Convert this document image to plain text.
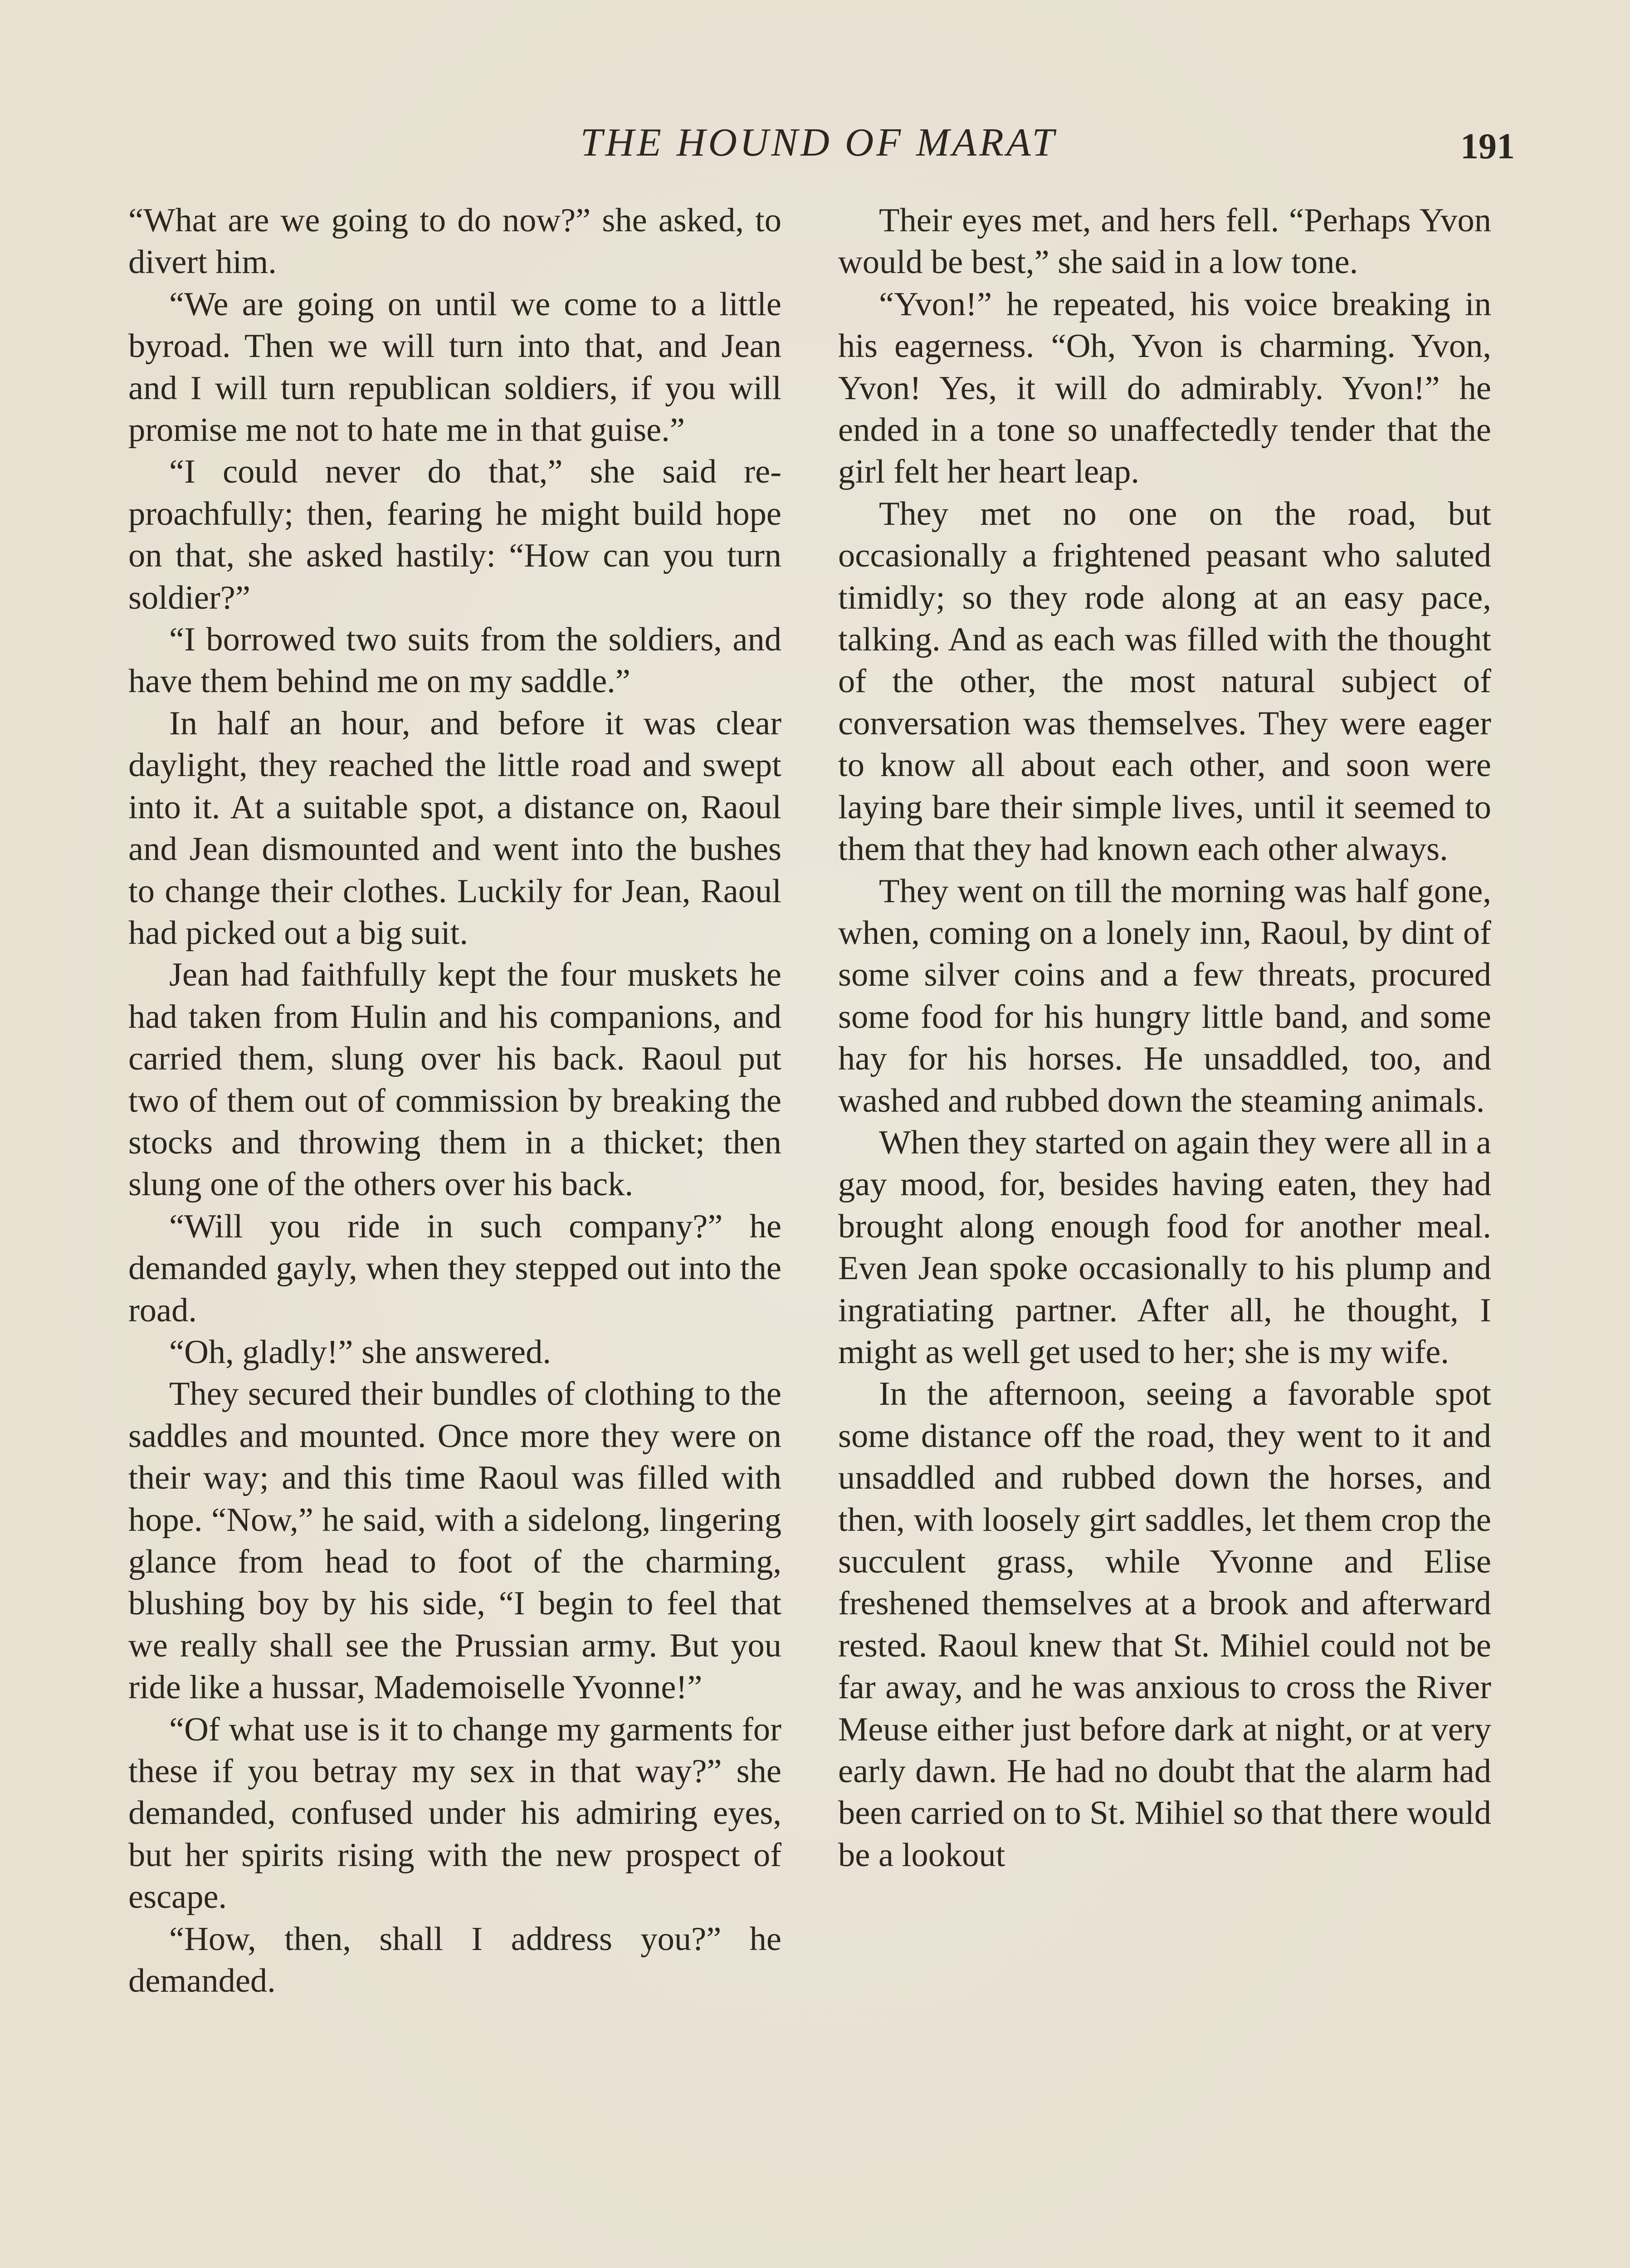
THE HOUND OF MARAT	191

“What are we going to do now?” she asked, to divert him.

“We are going on until we come to a little byroad. Then we will turn into that, and Jean and I will turn republican soldiers, if you will promise me not to hate me in that guise.”

“I could never do that,” she said reproachfully; then, fearing he might build hope on that, she asked hastily: “How can you turn soldier?”

“I borrowed two suits from the soldiers, and have them behind me on my saddle.”

In half an hour, and before it was clear daylight, they reached the little road and swept into it. At a suitable spot, a distance on, Raoul and Jean dismounted and went into the bushes to change their clothes. Luckily for Jean, Raoul had picked out a big suit.

Jean had faithfully kept the four muskets he had taken from Hulin and his companions, and carried them, slung over his back. Raoul put two of them out of commission by breaking the stocks and throwing them in a thicket; then slung one of the others over his back.

“Will you ride in such company?” he demanded gayly, when they stepped out into the road.

“Oh, gladly!” she answered.

They secured their bundles of clothing to the saddles and mounted. Once more they were on their way; and this time Raoul was filled with hope. “Now,” he said, with a sidelong, lingering glance from head to foot of the charming, blushing boy by his side, “I begin to feel that we really shall see the Prussian army. But you ride like a hussar, Mademoiselle Yvonne!”

“Of what use is it to change my garments for these if you betray my sex in that way?” she demanded, confused under his admiring eyes, but her spirits rising with the new prospect of escape.

“How, then, shall I address you?” he demanded.

Their eyes met, and hers fell. “Perhaps Yvon would be best,” she said in a low tone.

“Yvon!” he repeated, his voice breaking in his eagerness. “Oh, Yvon is charming. Yvon, Yvon! Yes, it will do admirably. Yvon!” he ended in a tone so unaffectedly tender that the girl felt her heart leap.

They met no one on the road, but occasionally a frightened peasant who saluted timidly; so they rode along at an easy pace, talking. And as each was filled with the thought of the other, the most natural subject of conversation was themselves. They were eager to know all about each other, and soon were laying bare their simple lives, until it seemed to them that they had known each other always.

They went on till the morning was half gone, when, coming on a lonely inn, Raoul, by dint of some silver coins and a few threats, procured some food for his hungry little band, and some hay for his horses. He unsaddled, too, and washed and rubbed down the steaming animals.

When they started on again they were all in a gay mood, for, besides having eaten, they had brought along enough food for another meal. Even Jean spoke occasionally to his plump and ingratiating partner. After all, he thought, I might as well get used to her; she is my wife.

In the afternoon, seeing a favorable spot some distance off the road, they went to it and unsaddled and rubbed down the horses, and then, with loosely girt saddles, let them crop the succulent grass, while Yvonne and Elise freshened themselves at a brook and afterward rested. Raoul knew that St. Mihiel could not be far away, and he was anxious to cross the River Meuse either just before dark at night, or at very early dawn. He had no doubt that the alarm had been carried on to St. Mihiel so that there would be a lookout
